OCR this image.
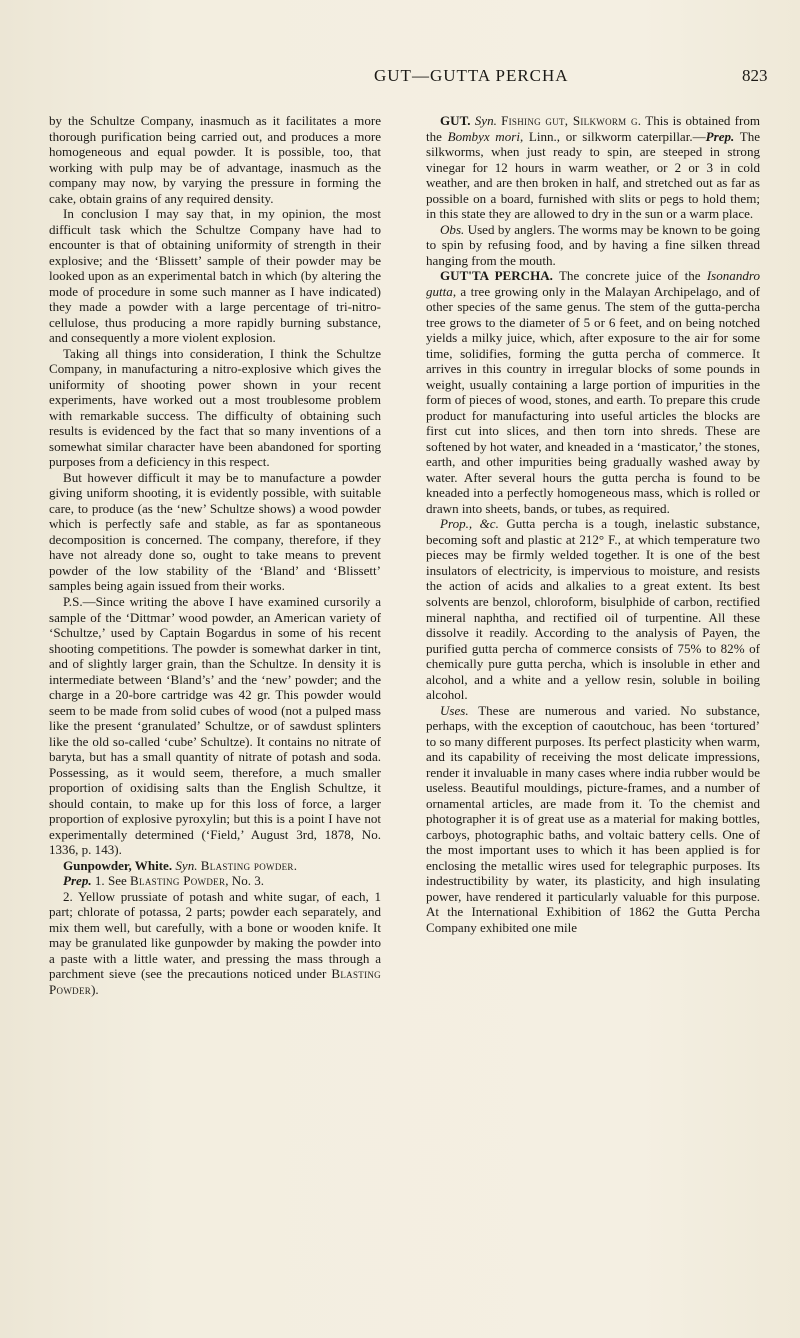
GUT—GUTTA PERCHA	823

by the Schultze Company, inasmuch as it facilitates a more thorough purification being carried out, and produces a more homogeneous and equal powder. It is possible, too, that working with pulp may be of advantage, inasmuch as the company may now, by varying the pressure in forming the cake, obtain grains of any required density.

In conclusion I may say that, in my opinion, the most difficult task which the Schultze Company have had to encounter is that of obtaining uniformity of strength in their explosive; and the ‘Blissett’ sample of their powder may be looked upon as an experimental batch in which (by altering the mode of procedure in some such manner as I have indicated) they made a powder with a large percentage of tri-nitro-cellulose, thus producing a more rapidly burning substance, and consequently a more violent explosion.

Taking all things into consideration, I think the Schultze Company, in manufacturing a nitro-explosive which gives the uniformity of shooting power shown in your recent experiments, have worked out a most troublesome problem with remarkable success. The difficulty of obtaining such results is evidenced by the fact that so many inventions of a somewhat similar character have been abandoned for sporting purposes from a deficiency in this respect.

But however difficult it may be to manufacture a powder giving uniform shooting, it is evidently possible, with suitable care, to produce (as the ‘new’ Schultze shows) a wood powder which is perfectly safe and stable, as far as spontaneous decomposition is concerned. The company, therefore, if they have not already done so, ought to take means to prevent powder of the low stability of the ‘Bland’ and ‘Blissett’ samples being again issued from their works.

P.S.—Since writing the above I have examined cursorily a sample of the ‘Dittmar’ wood powder, an American variety of ‘Schultze,’ used by Captain Bogardus in some of his recent shooting competitions. The powder is somewhat darker in tint, and of slightly larger grain, than the Schultze. In density it is intermediate between ‘Bland’s’ and the ‘new’ powder; and the charge in a 20-bore cartridge was 42 gr. This powder would seem to be made from solid cubes of wood (not a pulped mass like the present ‘granulated’ Schultze, or of sawdust splinters like the old so-called ‘cube’ Schultze). It contains no nitrate of baryta, but has a small quantity of nitrate of potash and soda. Possessing, as it would seem, therefore, a much smaller proportion of oxidising salts than the English Schultze, it should contain, to make up for this loss of force, a larger proportion of explosive pyroxylin; but this is a point I have not experimentally determined (‘Field,’ August 3rd, 1878, No. 1336, p. 143).

Gunpowder, White. Syn. Blasting powder.

Prep. 1. See Blasting Powder, No. 3.

2. Yellow prussiate of potash and white sugar, of each, 1 part; chlorate of potassa, 2 parts; powder each separately, and mix them well, but carefully, with a bone or wooden knife. It may be granulated like gunpowder by making the powder into a paste with a little water, and pressing the mass through a parchment sieve (see the precautions noticed under Blasting Powder).

GUT. Syn. Fishing gut, Silkworm g. This is obtained from the Bombyx mori, Linn., or silkworm caterpillar.—Prep. The silkworms, when just ready to spin, are steeped in strong vinegar for 12 hours in warm weather, or 2 or 3 in cold weather, and are then broken in half, and stretched out as far as possible on a board, furnished with slits or pegs to hold them; in this state they are allowed to dry in the sun or a warm place.

Obs. Used by anglers. The worms may be known to be going to spin by refusing food, and by having a fine silken thread hanging from the mouth.

GUT'TA PERCHA. The concrete juice of the Isonandro gutta, a tree growing only in the Malayan Archipelago, and of other species of the same genus. The stem of the gutta-percha tree grows to the diameter of 5 or 6 feet, and on being notched yields a milky juice, which, after exposure to the air for some time, solidifies, forming the gutta percha of commerce. It arrives in this country in irregular blocks of some pounds in weight, usually containing a large portion of impurities in the form of pieces of wood, stones, and earth. To prepare this crude product for manufacturing into useful articles the blocks are first cut into slices, and then torn into shreds. These are softened by hot water, and kneaded in a ‘masticator,’ the stones, earth, and other impurities being gradually washed away by water. After several hours the gutta percha is found to be kneaded into a perfectly homogeneous mass, which is rolled or drawn into sheets, bands, or tubes, as required.

Prop., &c. Gutta percha is a tough, inelastic substance, becoming soft and plastic at 212° F., at which temperature two pieces may be firmly welded together. It is one of the best insulators of electricity, is impervious to moisture, and resists the action of acids and alkalies to a great extent. Its best solvents are benzol, chloroform, bisulphide of carbon, rectified mineral naphtha, and rectified oil of turpentine. All these dissolve it readily. According to the analysis of Payen, the purified gutta percha of commerce consists of 75% to 82% of chemically pure gutta percha, which is insoluble in ether and alcohol, and a white and a yellow resin, soluble in boiling alcohol.

Uses. These are numerous and varied. No substance, perhaps, with the exception of caoutchouc, has been ‘tortured’ to so many different purposes. Its perfect plasticity when warm, and its capability of receiving the most delicate impressions, render it invaluable in many cases where india rubber would be useless. Beautiful mouldings, picture-frames, and a number of ornamental articles, are made from it. To the chemist and photographer it is of great use as a material for making bottles, carboys, photographic baths, and voltaic battery cells. One of the most important uses to which it has been applied is for enclosing the metallic wires used for telegraphic purposes. Its indestructibility by water, its plasticity, and high insulating power, have rendered it particularly valuable for this purpose. At the International Exhibition of 1862 the Gutta Percha Company exhibited one mile
